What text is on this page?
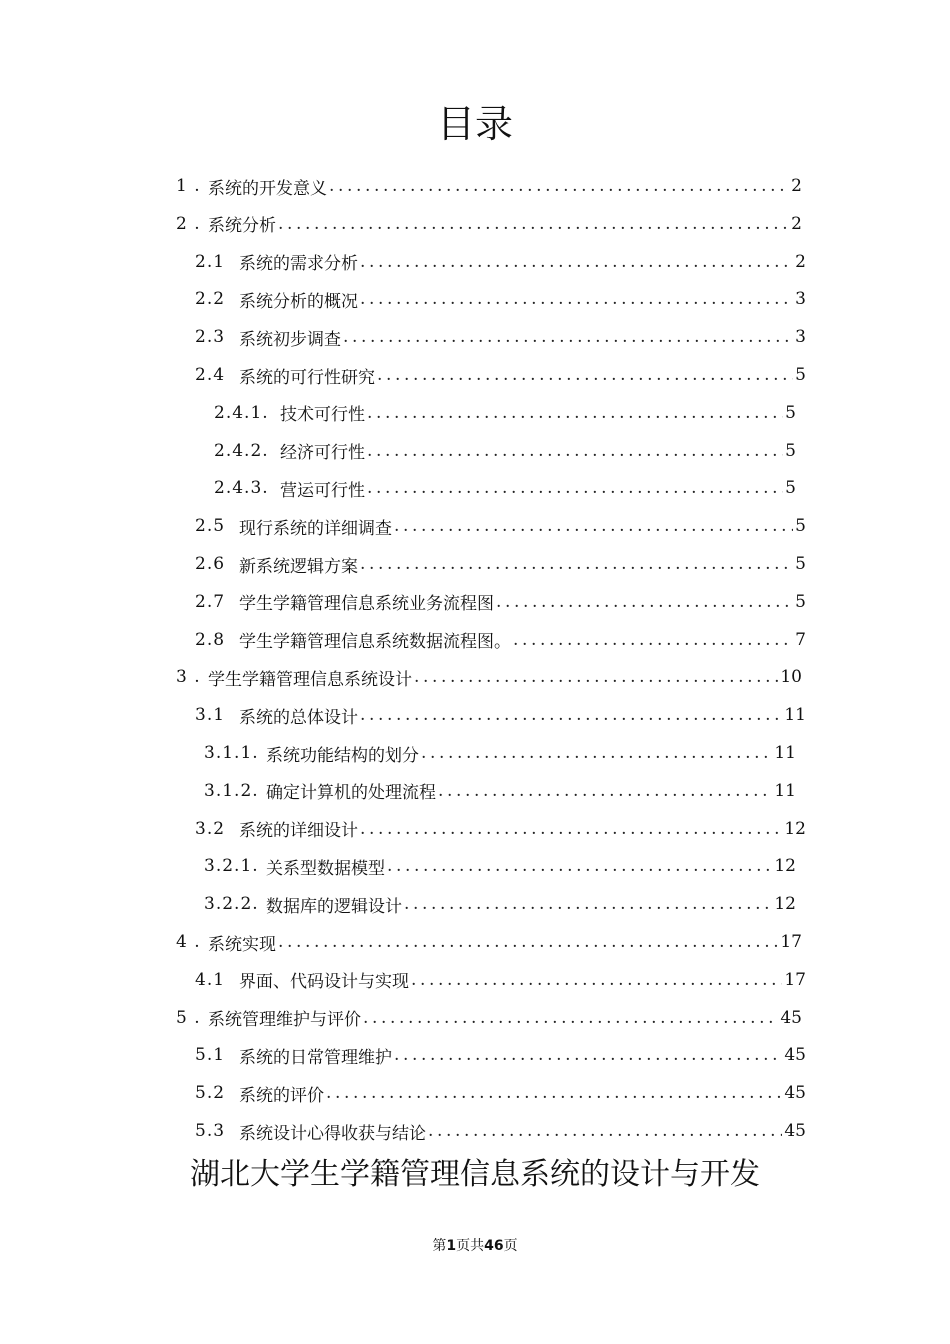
目录
1 . 系统的开发意义 .....	2
2 . 系统分析 .....	2
2.1 系统的需求分析 .....	2
2.2 系统分析的概况 .....	3
2.3 系统初步调查 .....	3
2.4 系统的可行性研究 .....	5
2.4.1. 技术可行性 .....	5
2.4.2. 经济可行性 .....	5
2.4.3. 营运可行性 .....	5
2.5 现行系统的详细调查 .....	5
2.6 新系统逻辑方案 .....	5
2.7 学生学籍管理信息系统业务流程图 .....	5
2.8 学生学籍管理信息系统数据流程图。 .....	7
3 . 学生学籍管理信息系统设计 .....	10
3.1 系统的总体设计 .....	11
3.1.1. 系统功能结构的划分 .....	11
3.1.2. 确定计算机的处理流程 .....	11
3.2 系统的详细设计 .....	12
3.2.1. 关系型数据模型 .....	12
3.2.2. 数据库的逻辑设计 .....	12
4 . 系统实现 .....	17
4.1 界面、代码设计与实现 .....	17
5 . 系统管理维护与评价 .....	45
5.1 系统的日常管理维护 .....	45
5.2 系统的评价 .....	45
5.3 系统设计心得收获与结论 .....	45
湖北大学生学籍管理信息系统的设计与开发
第1页共46页
